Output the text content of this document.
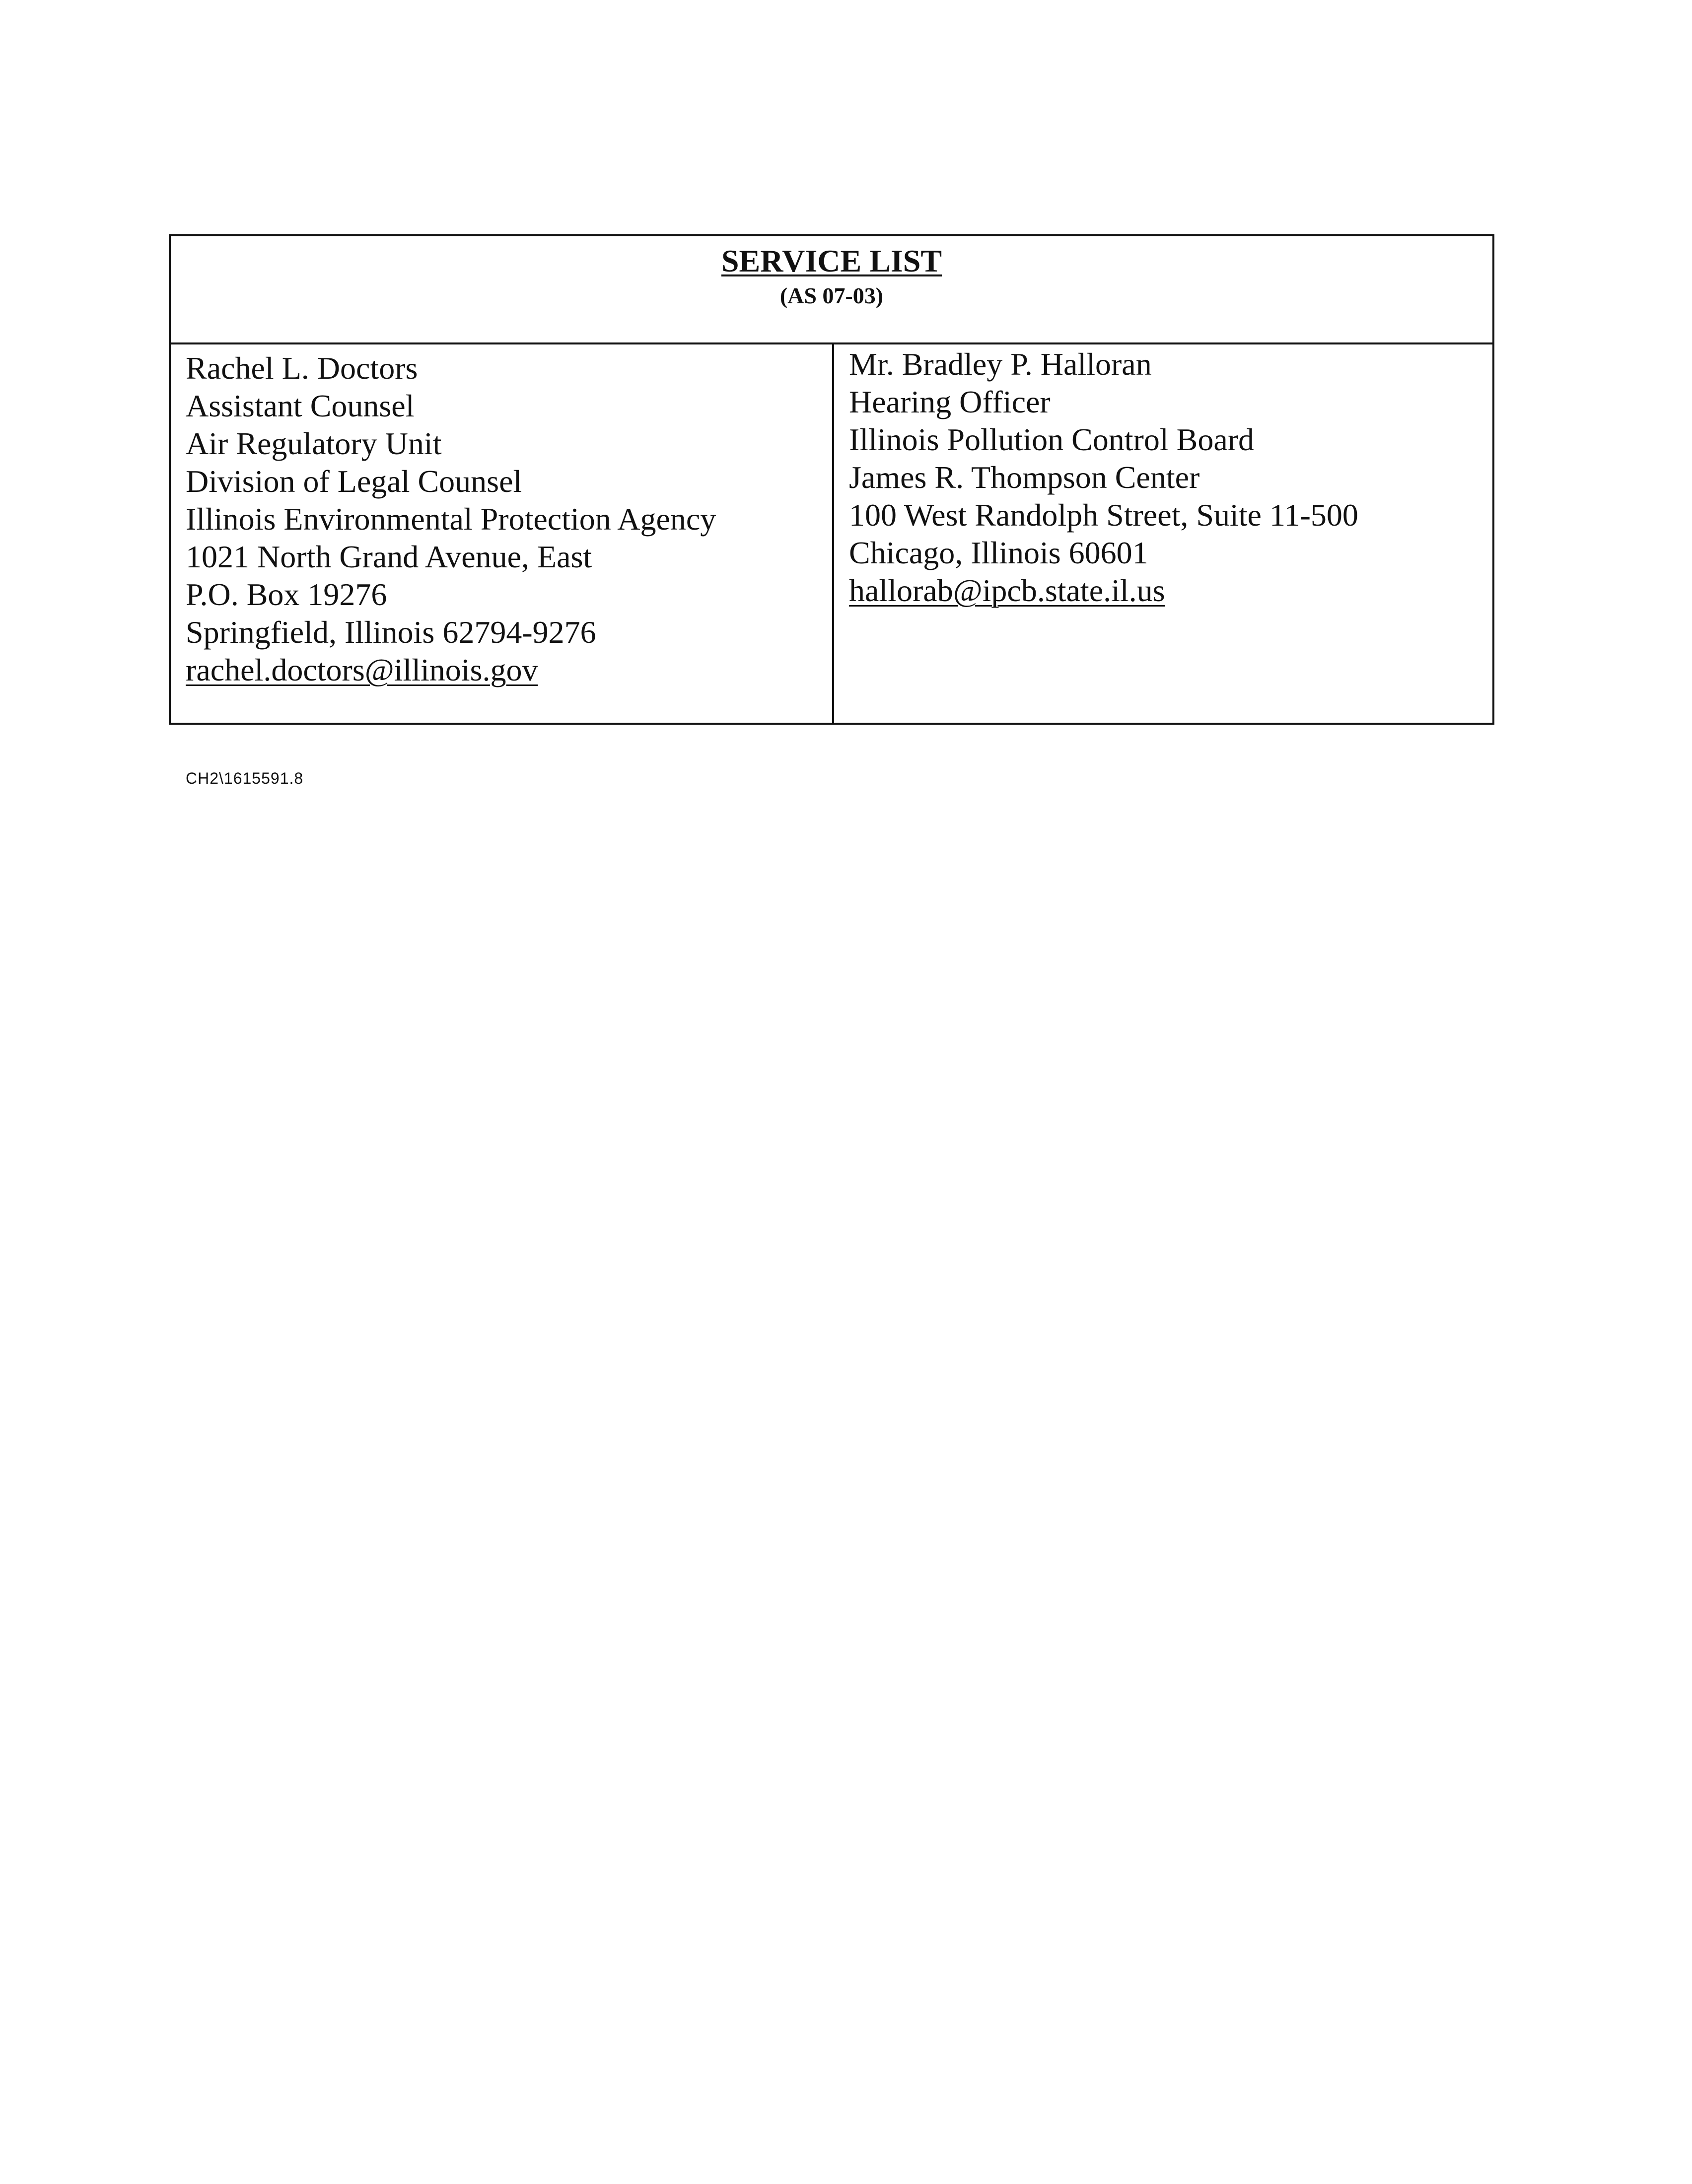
SERVICE LIST
(AS 07-03)
Rachel L. Doctors
Assistant Counsel
Air Regulatory Unit
Division of Legal Counsel
Illinois Environmental Protection Agency
1021 North Grand Avenue, East
P.O. Box 19276
Springfield, Illinois 62794-9276
rachel.doctors@illinois.gov
Mr. Bradley P. Halloran
Hearing Officer
Illinois Pollution Control Board
James R. Thompson Center
100 West Randolph Street, Suite 11-500
Chicago, Illinois 60601
hallorab@ipcb.state.il.us
CH2\1615591.8
